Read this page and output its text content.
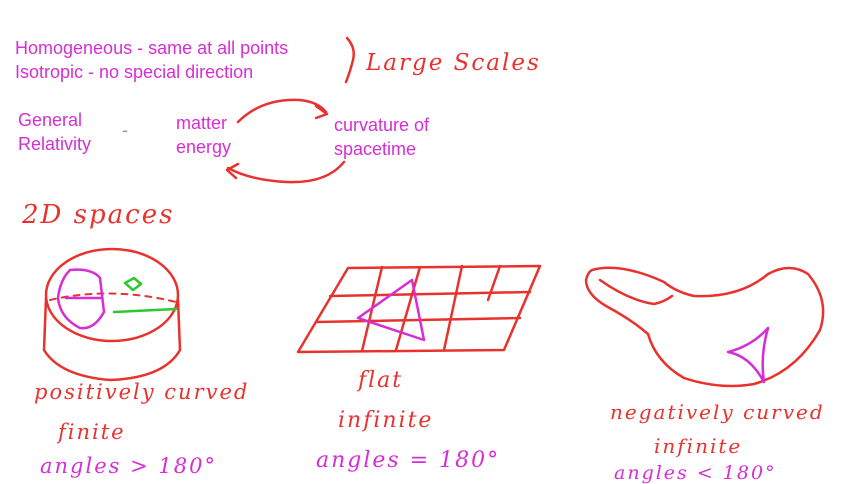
Homogeneous - same at all points
Isotropic - no special direction	Large Scales
General
Relativity
-	matter
energy
curvature of
spacetime
2D spaces
positively curved
finite
angles > 180°
flat
infinite
angles = 180°
negatively curved
infinite
angles < 180°
